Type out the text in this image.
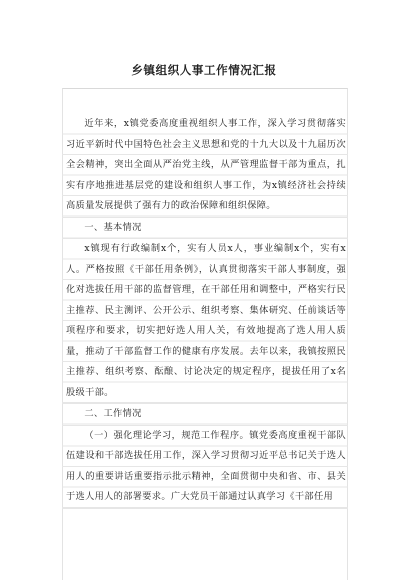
乡镇组织人事工作情况汇报

近年来，x镇党委高度重视组织人事工作，深入学习贯彻落实习近平新时代中国特色社会主义思想和党的十九大以及十九届历次全会精神，突出全面从严治党主线，从严管理监督干部为重点，扎实有序地推进基层党的建设和组织人事工作，为x镇经济社会持续高质量发展提供了强有力的政治保障和组织保障。

一、基本情况

x镇现有行政编制x个，实有人员x人，事业编制x个，实有x人。严格按照《干部任用条例》，认真贯彻落实干部人事制度，强化对选拔任用干部的监督管理，在干部任用和调整中，严格实行民主推荐、民主测评、公开公示、组织考察、集体研究、任前谈话等项程序和要求，切实把好选人用人关，有效地提高了选人用人质量，推动了干部监督工作的健康有序发展。去年以来，我镇按照民主推荐、组织考察、酝酿、讨论决定的规定程序，提拔任用了x名股级干部。

二、工作情况

（一）强化理论学习，规范工作程序。镇党委高度重视干部队伍建设和干部选拔任用工作，深入学习贯彻习近平总书记关于选人用人的重要讲话重要指示批示精神，全面贯彻中央和省、市、县关于选人用人的部署要求。广大党员干部通过认真学习《干部任用
